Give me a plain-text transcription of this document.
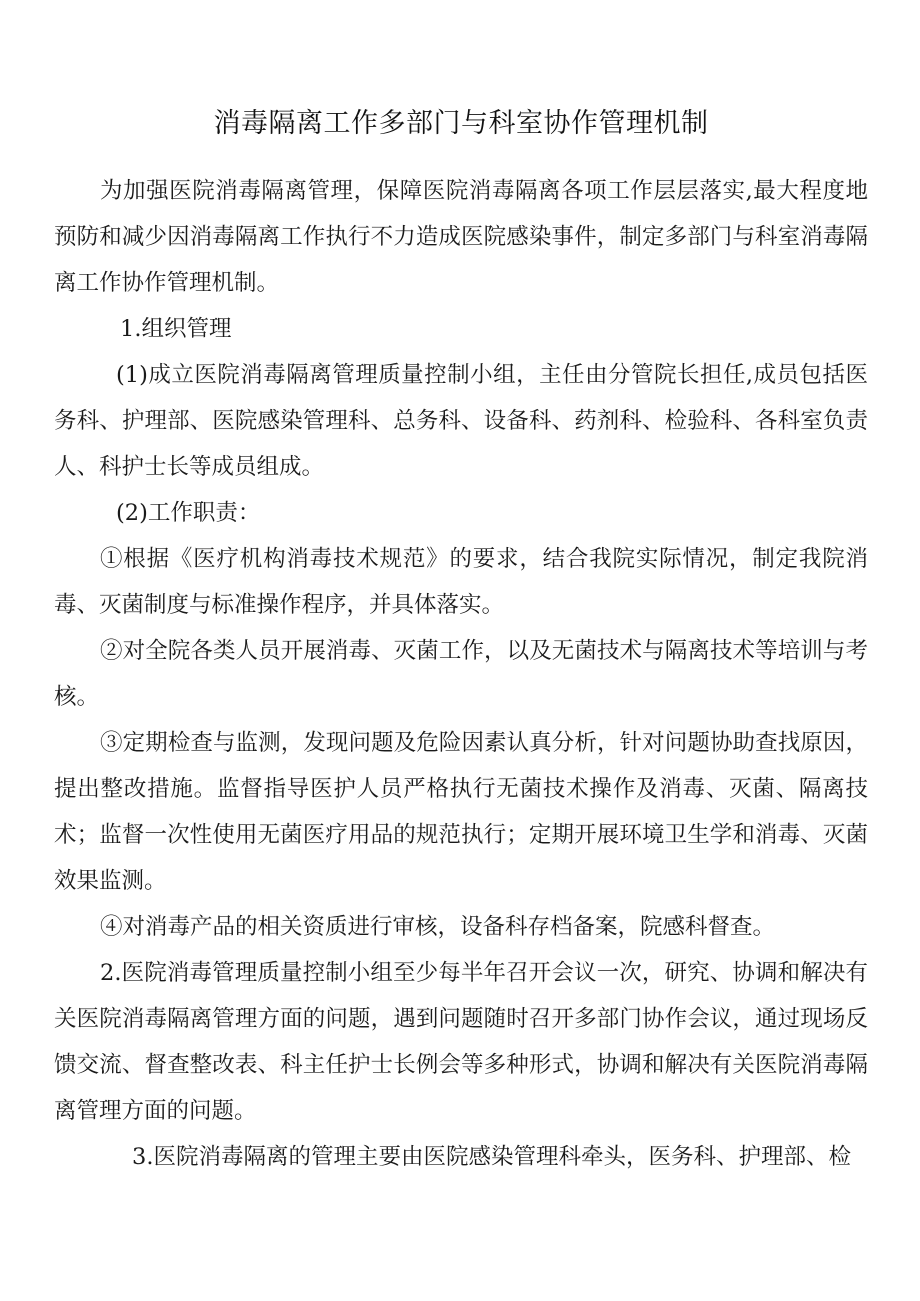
消毒隔离工作多部门与科室协作管理机制

为加强医院消毒隔离管理，保障医院消毒隔离各项工作层层落实,最大程度地预防和减少因消毒隔离工作执行不力造成医院感染事件，制定多部门与科室消毒隔离工作协作管理机制。

1.组织管理

(1)成立医院消毒隔离管理质量控制小组，主任由分管院长担任,成员包括医务科、护理部、医院感染管理科、总务科、设备科、药剂科、检验科、各科室负责人、科护士长等成员组成。

(2)工作职责：

①根据《医疗机构消毒技术规范》的要求，结合我院实际情况，制定我院消毒、灭菌制度与标准操作程序，并具体落实。

②对全院各类人员开展消毒、灭菌工作，以及无菌技术与隔离技术等培训与考核。

③定期检查与监测，发现问题及危险因素认真分析，针对问题协助查找原因，提出整改措施。监督指导医护人员严格执行无菌技术操作及消毒、灭菌、隔离技术；监督一次性使用无菌医疗用品的规范执行；定期开展环境卫生学和消毒、灭菌效果监测。

④对消毒产品的相关资质进行审核，设备科存档备案，院感科督查。

2.医院消毒管理质量控制小组至少每半年召开会议一次，研究、协调和解决有关医院消毒隔离管理方面的问题，遇到问题随时召开多部门协作会议，通过现场反馈交流、督查整改表、科主任护士长例会等多种形式，协调和解决有关医院消毒隔离管理方面的问题。

3.医院消毒隔离的管理主要由医院感染管理科牵头，医务科、护理部、检
